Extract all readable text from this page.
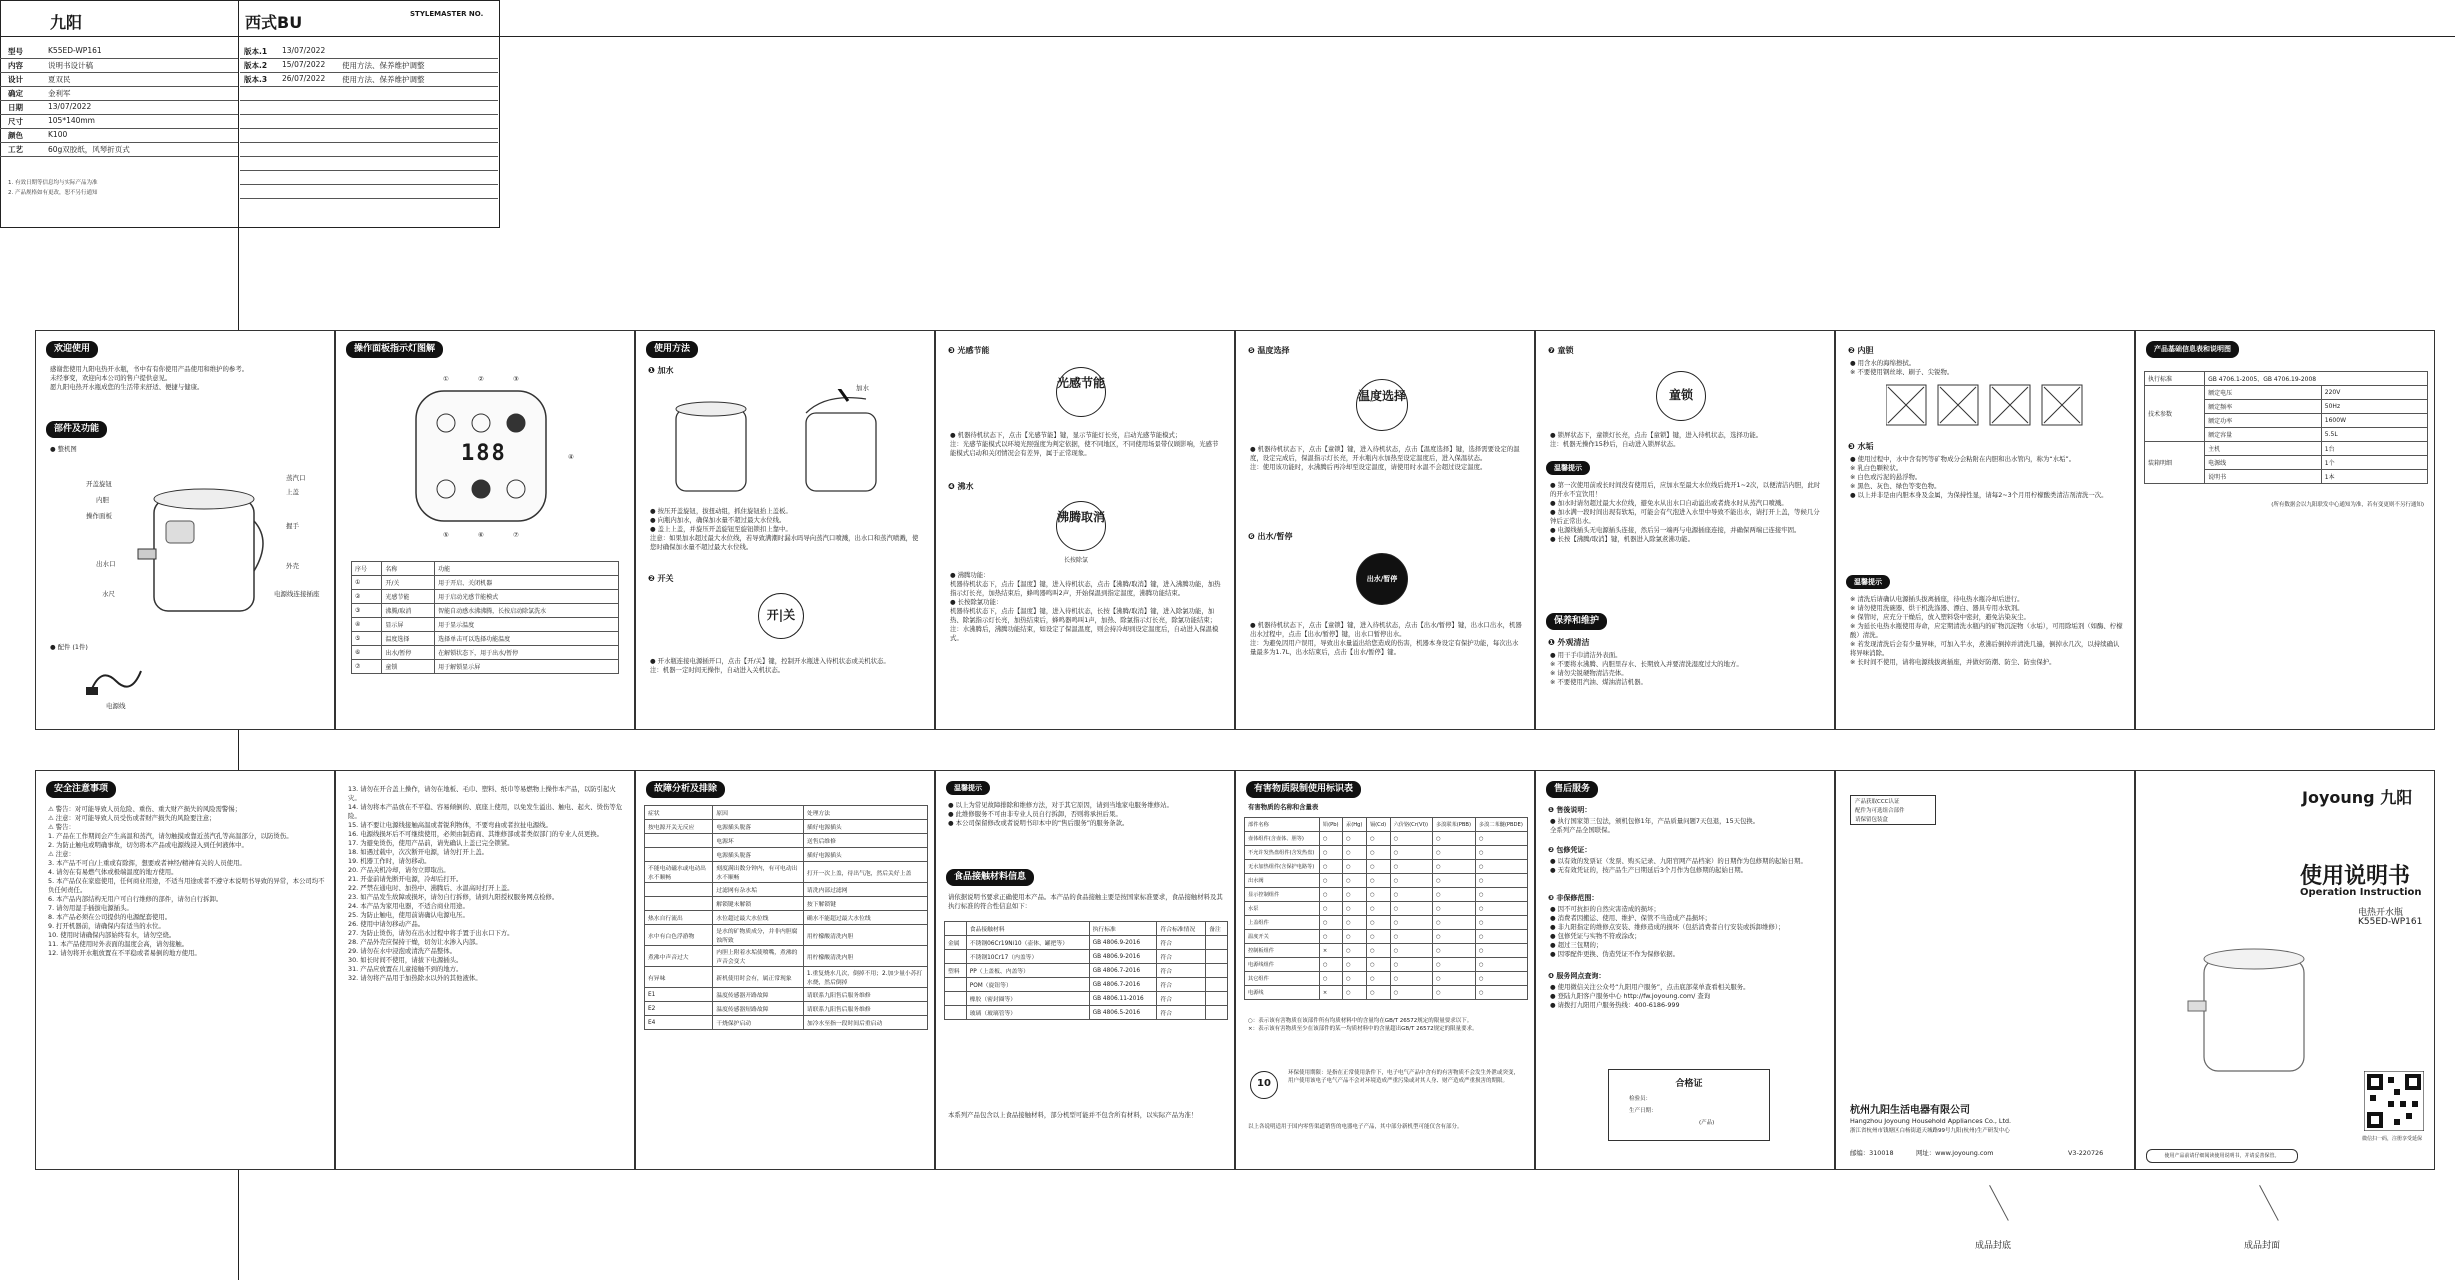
九阳	西式BU	STYLEMASTER NO.
型号	K55ED-WP161
内容	说明书设计稿
设计	夏双民
确定	金利军
日期	13/07/2022
尺寸	105*140mm
颜色	K100
工艺	60g双胶纸，风琴折页式
版本.1 13/07/2022
版本.2 15/07/2022 使用方法、保养维护调整
版本.3 26/07/2022 使用方法、保养维护调整
1. 有效日期等信息均与实际产品为准
2. 产品规格如有更改，恕不另行通知
欢迎使用
感谢您使用九阳电热开水瓶，书中有有你使用产品使用和维护的参考。
未经事变，欢迎向本公司的售户提供意见。
愿九阳电热开水瓶成您的生活带来舒适、便捷与健康。
部件及功能
● 整机图
开盖旋钮
内胆
操作面板
出水口
水尺
蒸汽口
上盖
握手
外壳
电源线连接插座
● 配件 (1件)
电源线
操作面板指示灯图解
188
①	②	③
④
⑤	⑥	⑦
序号	名称	功能
①	开/关	用于开启、关闭机器
②	光感节能	用于启动光感节能模式
③	沸腾/取消	智能自动感水沸沸腾，长按启动除氯洗水
④	显示屏	用于显示温度
⑤	温度选择	选择单击可以选择功能温度
⑥	出水/暂停	在解锁状态下，用于出水/暂停
⑦	童锁	用于解锁显示屏
使用方法
❶ 加水
加水
● 按压开盖旋钮，拔扭动组，抓住旋钮抬上盖板。
● 向瓶内加水，确保加水量不超过最大水位线。
● 盖上上盖，并旋压开盖旋钮至旋钮锁扣上靠中。
注意：如果加水超过最大水位线，若导致满潮时漏水吗导向蒸汽口喷溅，出水口和蒸汽喷溅，使您时确保加水量不超过最大水位线。
❷ 开关
开|关
● 开水瓶连接电源插开口，点击【开/关】键，控制开水瓶进入待机状态或关机状态。
注：机器一定时间无操作，自动进入关机状态。
❸ 光感节能
光感节能
● 机器待机状态下，点击【光感节能】键，显示节能灯长亮，启动光感节能模式；
注：光感节能模式以环境光照强度为判定依据，使不同地区，不同使用场景带仅顾影响，光感节能模式启动和关闭情况会有差异，属于正常现象。
❹ 沸水
沸腾取消
长按除氯
● 沸腾功能：
机器待机状态下，点击【温度】键，进入待机状态，点击【沸腾/取消】键，进入沸腾功能，加热指示灯长亮，加热结束后，蜂鸣器鸣叫2声，开始保温到指定温度，沸腾功能结束。
● 长按除氯功能：
机器待机状态下，点击【温度】键，进入待机状态，长按【沸腾/取消】键，进入除氯功能，加热、除氯指示灯长亮，加热结束后，蜂鸣器鸣叫1声，加热、除氯指示灯长亮，除氯功能结束；
注：水沸腾后，沸腾功能结束，如设定了保温温度，则会持冷却到设定温度后，自动进入保温模式。
❺ 温度选择
温度选择
● 机器待机状态下，点击【童锁】键，进入待机状态，点击【温度选择】键，选择需要设定的温度，设定完成后，保温指示灯长亮，开水瓶内水加热至设定温度后，进入保温状态。
注：使用该功能时，水沸腾后再冷却至设定温度，请使用时水温不会超过设定温度。
❻ 出水/暂停
出水/暂停
● 机器待机状态下，点击【童锁】键，进入待机状态，点击【出水/暂停】键，出水口出水，机器出水过程中，点击【出水/暂停】键，出水口暂停出水。
注：为避免因用户误用，导致出水量溢出给您造成的伤害，机器本身设定有保护功能，每次出水量最多为1.7L，出水结束后，点击【出水/暂停】键。
❼ 童锁
童锁
● 锁屏状态下，童锁灯长亮，点击【童锁】键，进入待机状态，选择功能。
注：机器无操作15秒后，自动进入锁屏状态。
温馨提示
● 第一次使用前或长时间没有使用后，应加水至最大水位线后烧开1~2次，以便清洁内胆，此时的开水不宜饮用！
● 加水时请勿超过最大水位线，避免水从出水口自动溢出或者烧水时从蒸汽口喷溅。
● 加水满一段时间出现有软垢，可能会有气泡进入水里中导致不能出水，请打开上盖，等候几分钟后正常出水。
● 电源线插头无电源插头连接，然后另一端再与电源插座连接，并确保两端已连接牢固。
● 长按【沸腾/取消】键，机器进入除氯煮沸功能。
保养和维护
❶ 外观清洁
● 用干手巾清洁外表面。
※ 不要将水沸腾、内胆里存水、长期放入并要清洗湿度过大的地方。
※ 请勿尖锐硬物清洁壳体。
※ 不要使用汽油、煤油清洁机器。
❷ 内胆
● 用含水的海绵擦拭。
※ 不要使用钢丝球、刷子、尖锐物。
❸ 水垢
● 使用过程中，水中含有钙等矿物成分会粘附在内胆和出水管内，称为“水垢”。
※ 乳白色颗粒状。
※ 白色或污泥的悬浮物。
※ 黑色、灰色、绿色等变色物。
● 以上并非是由内胆本身及金属，为保持性显，请每2~3个月用柠檬酸类清洁剂清洗一次。
温馨提示
※ 清洗后请确认电源插头拔离插座，待电热水瓶冷却后进行。
※ 请勿使用洗碗器、烘干机洗涤器、漂白、器具专用水软剂。
※ 保管时，应充分干燥后，放入塑料袋中密封，避免沾染灰尘。
※ 为延长电热水瓶使用寿命，应定期清洗水瓶内的矿物沉淀物（水垢），可用除垢剂（如酶、柠檬酸）清洗。
※ 若发现清洗后会有少量异味，可加入半水，煮沸后倒掉并清洗几遍，倒掉水几次，以持续确认将异味消除。
※ 长时间不使用，请将电源线拔离插座，并做好防潮、防尘、防虫保护。
产品基础信息表和说明图
执行标准	GB 4706.1-2005、GB 4706.19-2008	
技术参数	额定电压	220V
	额定频率	50Hz
	额定功率	1600W
	额定容量	5.5L
装箱明细	主机	1台
	电源线	1个
	说明书	1本
(所有数据会以九阳联发中心通知为准，若有变更则不另行通知)
安全注意事项
⚠ 警告：对可能导致人员危险、重伤、重大财产损失的风险需警惕；
⚠ 注意：对可能导致人员受伤或者财产损失的风险要注意；
⚠ 警告：
1. 产品在工作期间会产生高温和蒸汽，请勿触摸或靠近蒸汽孔等高温部分，以防烫伤。
2. 为防止触电或明确事故，切勿将本产品或电源线浸入到任何液体中。
⚠ 注意：
3. 本产品不可自/上重或有除挥，想要或者神经/精神有关的人员使用。
4. 请勿在有易燃气体或极端温度的地方使用。
5. 本产品仅在家庭使用，任何商业用途，不适当用途或者不遵守本说明书导致的异常，本公司均不负任何责任。
6. 本产品内部结构无用户可自行维修的部件，请勿自行拆卸。
7. 请勿用湿手插拔电源插头。
8. 本产品必须在公司提供的电源配套使用。
9. 打开机器前，请确保内有适当的水位。
10. 使用时请确保内部始终有水，请勿空烧。
11. 本产品使用时外表面的温度会高，请勿接触。
12. 请勿将开水瓶放置在不平稳或者易倒的地方使用。
13. 请勿在开合盖上操作，请勿在地板、毛巾、塑料、纸巾等易燃物上操作本产品，以防引起火灾。
14. 请勿将本产品放在不平稳、容易倾倒的、底座上使用，以免发生溢出、触电、起火、烫伤等危险。
15. 请不要让电源线接触高温或者锐利物体，不要弯曲或者拉扯电源线。
16. 电源线损坏后不可继续使用，必须由制造商、其维修部或者类似部门的专业人员更换。
17. 为避免烫伤，使用产品前，请先确认上盖已完全锁紧。
18. 如遇过载中，次次断开电源，请勿打开上盖。
19. 机器工作时，请勿移动。
20. 产品关机冷却，请勿立即取出。
21. 开壶前请先断开电源，冷却后打开。
22. 严禁在通电时、加热中、沸腾后、水温高时打开上盖。
23. 如产品发生故障或损坏，请勿自行拆修，请到九阳授权服务网点检修。
24. 本产品为家用电器，不适合商业用途。
25. 为防止触电，使用前请确认电源电压。
26. 使用中请勿移动产品。
27. 为防止烫伤，请勿在出水过程中将手置于出水口下方。
28. 产品外壳应保持干燥，切勿让水渗入内部。
29. 请勿在水中浸泡或清洗产品整体。
30. 如长时间不使用，请拔下电源插头。
31. 产品应放置在儿童接触不到的地方。
32. 请勿将产品用于加热除水以外的其他液体。
故障分析及排除
症状	原因	处理方法
按电源开关无反应	电源插头脱落	插好电源插头
	电源坏	送售后维修
	电源插头脱落	插好电源插头
不能电动磁水或电动出水不顺畅	刻度满出数分钟内，有可电动出水不顺畅	打开一次上盖，待出气泡，然后关好上盖
	过滤网有杂水垢	请洗内部过滤网
	解锁键未解锁	按下解锁键
热水自行流出	水位超过最大水位线	确水不能超过最大水位线
水中有白色浮游物	是水的矿物质成分，并非内胆腐蚀所致	用柠檬酸清洗内胆
煮沸中声音过大	内胆上附着水垢使喷嘴，煮沸的声音会变大	用柠檬酸清洗内胆
有异味	新机使用时会有，属正常现象	1.重复烧水几次，倒掉不用；2.加少量小苏打水烧，然后倒掉
E1	温度传感器开路故障	请联系九阳售后服务维修
E2	温度传感器短路故障	请联系九阳售后服务维修
E4	干烧保护启动	加冷水至指一段时间后重启动
温馨提示
● 以上为常见故障排除和维修方法，对于其它原因，请到当地家电服务维修站。
● 此维修服务不可由非专业人员自行拆卸，否则将承担后果。
● 本公司保留修改或者说明书印本中的“售后服务”的服务条款。
食品接触材料信息
请依据说明书要求正确使用本产品。本产品的食品接触主要是按国家标准要求，食品接触材料及其执行标准的符合性信息如下：
	食品接触材料	执行标准	符合标准情况	备注
金属	不锈钢06Cr19Ni10（壶体、罐把等）	GB 4806.9-2016	符合	
	不锈钢10Cr17（内盖等）	GB 4806.9-2016	符合	
塑料	PP（上盖板、内盖等）	GB 4806.7-2016	符合	
	POM（旋钮等）	GB 4806.7-2016	符合	
	橡胶（密封圈等）	GB 4806.11-2016	符合	
	玻璃（玻璃管等）	GB 4806.5-2016	符合	
本系列产品包含以上食品接触材料，部分机型可能并不包含所有材料，以实际产品为准！
有害物质限制使用标识表
有害物质的名称和含量表
部件名称	铅(Pb)	汞(Hg)	镉(Cd)	六价铬(Cr(VI))	多溴联苯(PBB)	多溴二苯醚(PBDE)
壶体组件(含壶体、胆等)	○	○	○	○	○	○
不允许发热盘组件(含发热盘)	○	○	○	○	○	○
无水加热组件(含保护电路等)	○	○	○	○	○	○
出水阀	○	○	○	○	○	○
显示控制组件	○	○	○	○	○	○
水泵	○	○	○	○	○	○
上盖组件	○	○	○	○	○	○
温度开关	○	○	○	○	○	○
控制板组件	×	○	○	○	○	○
电源线组件	○	○	○	○	○	○
其它组件	○	○	○	○	○	○
电源线	×	○	○	○	○	○
○：表示该有害物质在该部件所有均质材料中的含量均在GB/T 26572规定的限量要求以下。
×：表示该有害物质至少在该部件的某一均质材料中的含量超出GB/T 26572规定的限量要求。
10
环保使用期限：是指在正常使用条件下，电子电气产品中含有的有害物质不会发生外泄或突变，用户使用该电子电气产品不会对环境造成严重污染或对其人身、财产造成严重损害的期限。
以上各说明适用于国内零售渠道销售的电器电子产品，其中部分新机型可能仅含有部分。
售后服务
❶ 售後说明：
● 执行国家第三包法，颁机包修1年，产品质量问题7天包退，15天包换。
全系列产品全国联保。
❷ 包修凭证：
● 以有效的发票证（发票、购买记录、九阳官网产品档案）的日期作为包修期的起始日期。
● 无有效凭证的，按产品生产日期延后3个月作为包修期的起始日期。
❸ 非保修范围：
● 因不可抗拒的自然灾害造成的损坏；
● 消费者因搬运、使用、维护、保管不当造成产品损坏；
● 非九阳指定的维修点安装、维修造成的损坏（包括消费者自行安装或拆卸维修）；
● 包修凭证与实物不符或涂改；
● 超过三包期的；
● 因零配件更换、伪造凭证不作为保修依据。
❹ 服务网点查询：
● 使用微信关注公众号“九阳用户服务”，点击底部菜单查看相关服务。
● 登陆九阳客户服务中心 http://fw.joyoung.com/ 查询
● 请拨打九阳用户服务热线：400-6186-999
合格证
检验员：
生产日期：
(产品)
产品获取CCC认证
配件为可选组合部件
请保留包装盒
杭州九阳生活电器有限公司
Hangzhou Joyoung Household Appliances Co., Ltd.
浙江省杭州市钱塘区白杨街道天城路99号九阳(杭州)生产研发中心
邮编：310018	网址：www.joyoung.com	V3-220726
Joyoung 九阳
使用说明书
Operation Instruction
电热开水瓶
K55ED-WP161
微信扫一码，注册享受延保
使用产品前请仔细阅读使用说明书，并请妥善保管。
成品封底	成品封面
